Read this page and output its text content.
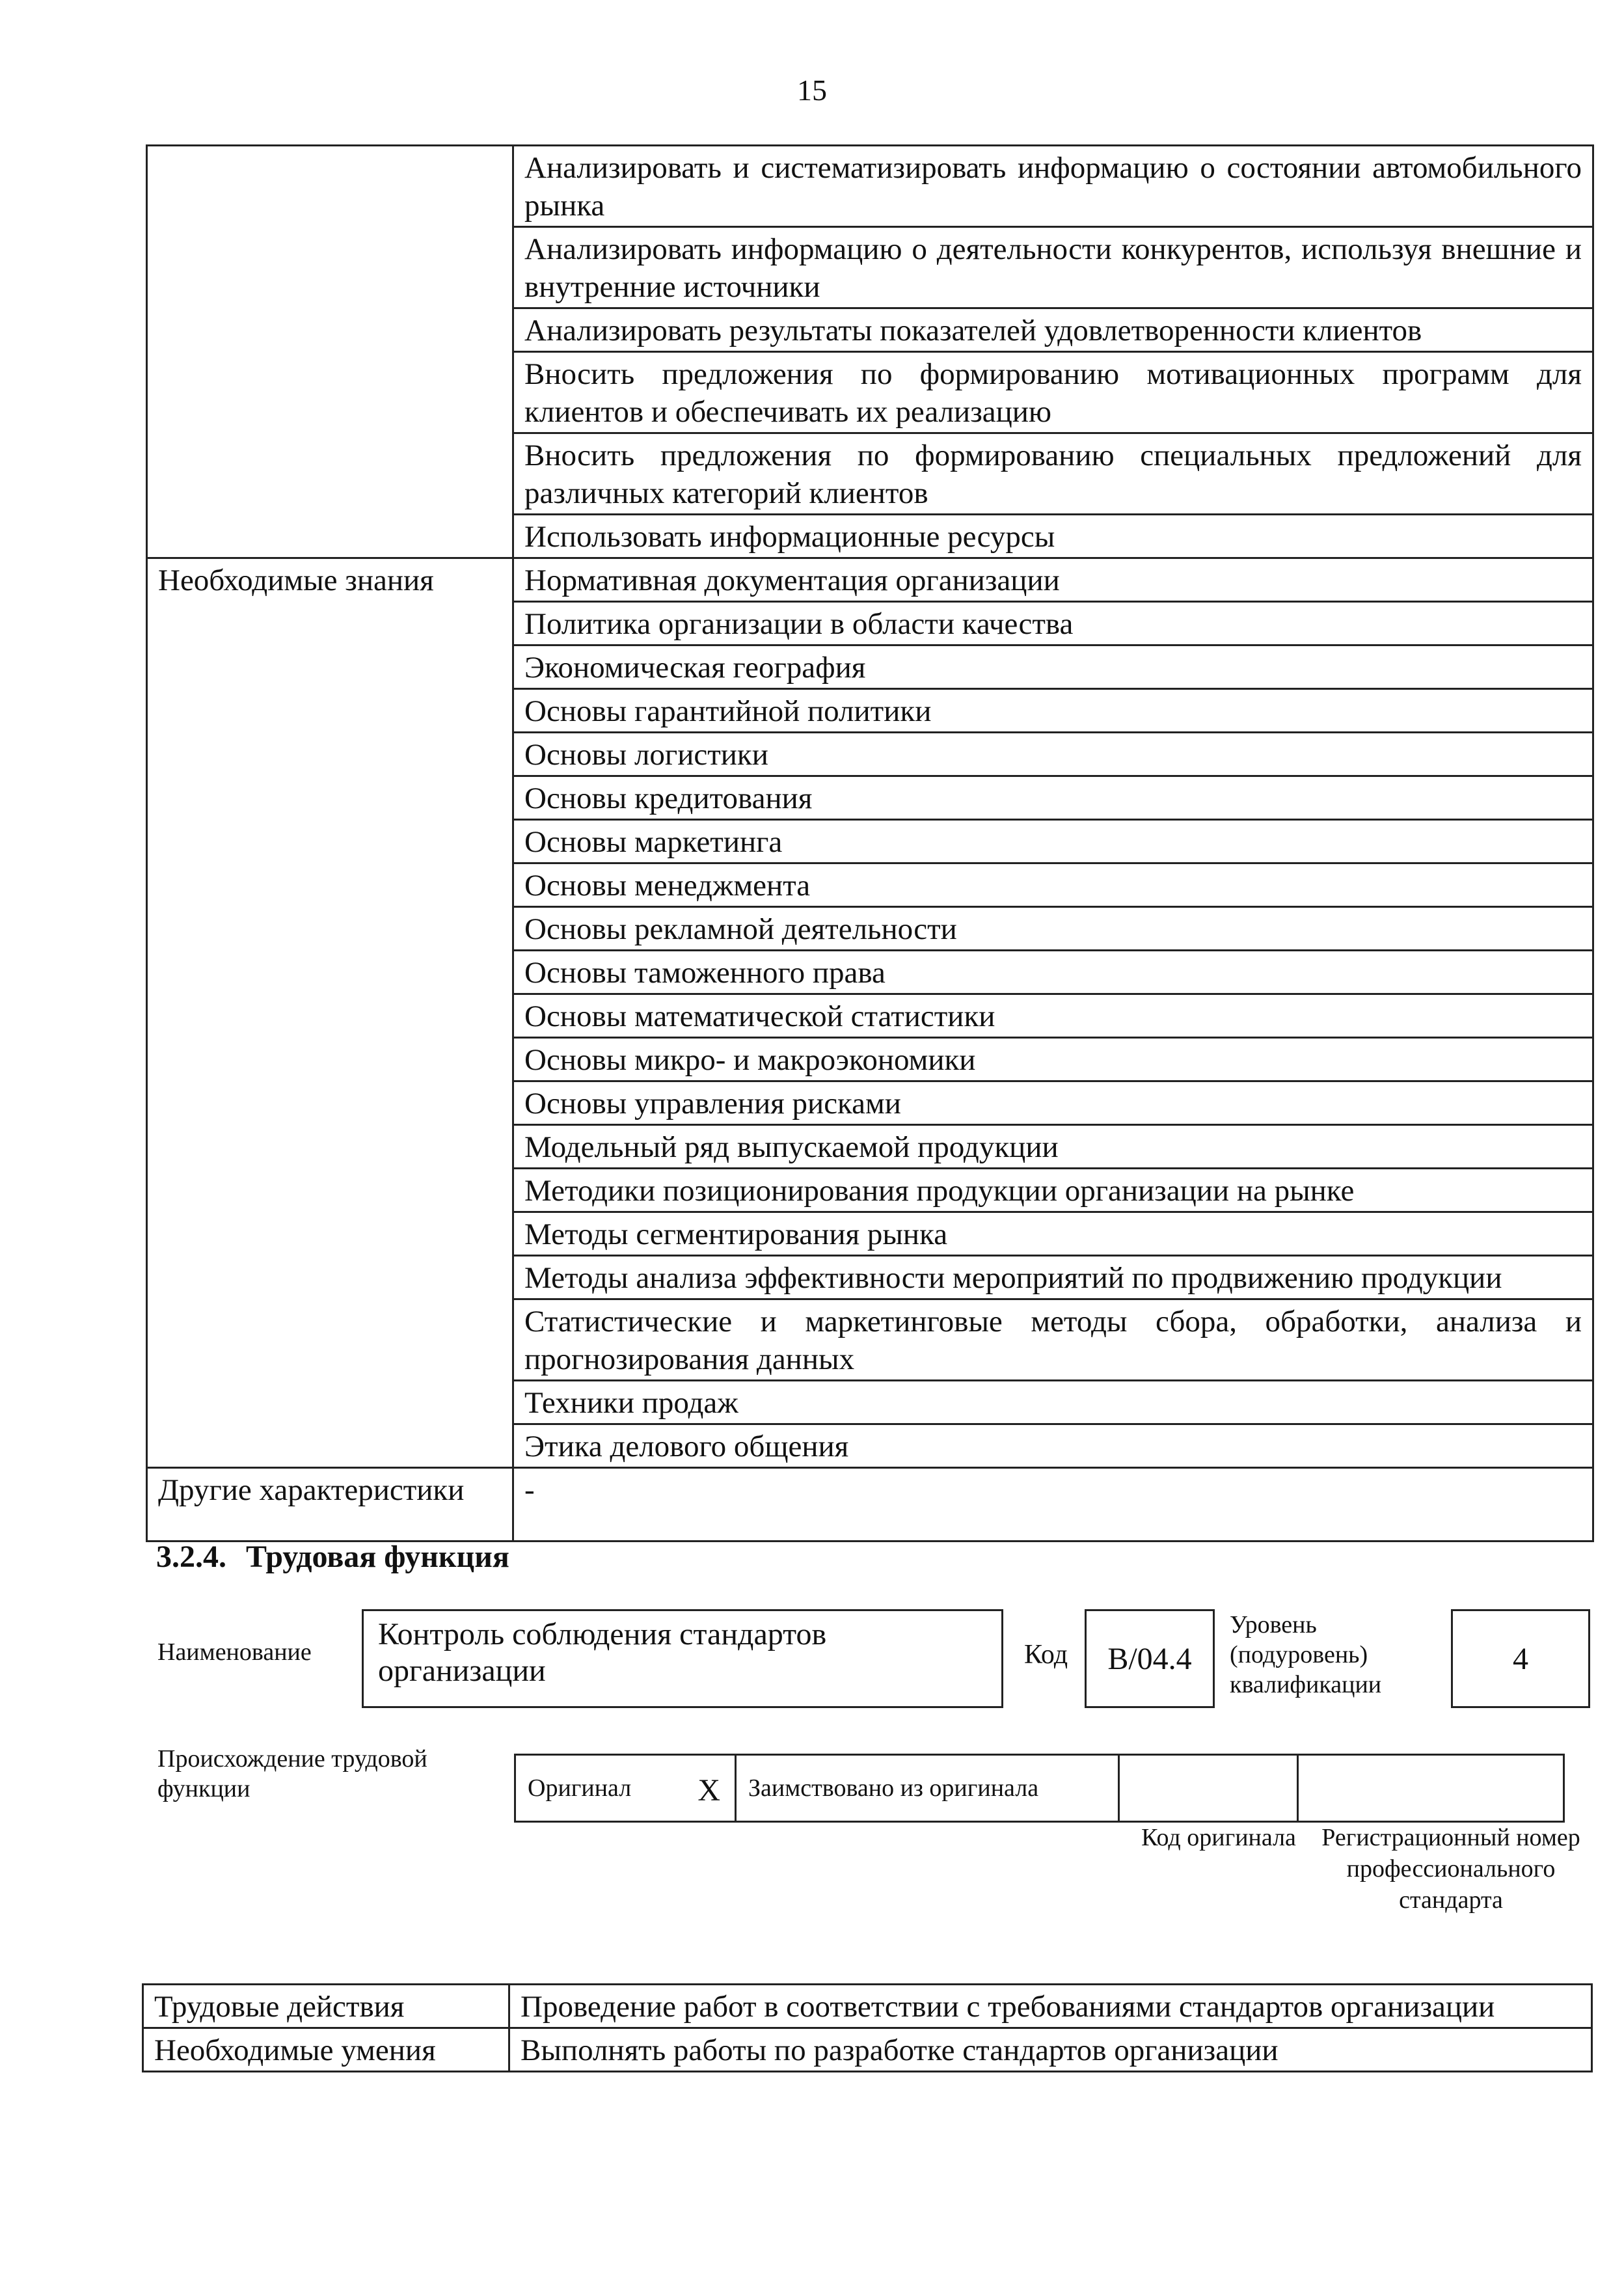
15
	Анализировать и систематизировать информацию о состоянии автомобильного рынка
	Анализировать информацию о деятельности конкурентов, используя внешние и внутренние источники
	Анализировать результаты показателей удовлетворенности клиентов
	Вносить предложения по формированию мотивационных программ для клиентов и обеспечивать их реализацию
	Вносить предложения по формированию специальных предложений для различных категорий клиентов
	Использовать информационные ресурсы
Необходимые знания	Нормативная документация организации
	Политика организации в области качества
	Экономическая география
	Основы гарантийной политики
	Основы логистики
	Основы кредитования
	Основы маркетинга
	Основы менеджмента
	Основы рекламной деятельности
	Основы таможенного права
	Основы математической статистики
	Основы микро- и макроэкономики
	Основы управления рисками
	Модельный ряд выпускаемой продукции
	Методики позиционирования продукции организации на рынке
	Методы сегментирования рынка
	Методы анализа эффективности мероприятий по продвижению продукции
	Статистические и маркетинговые методы сбора, обработки, анализа и прогнозирования данных
	Техники продаж
	Этика делового общения
Другие характеристики	-
3.2.4. Трудовая функция
Наименование
Контроль соблюдения стандартов организации	Код	B/04.4
Уровень (подуровень) квалификации
4
Происхождение трудовой функции	Оригинал X	Заимствовано из оригинала		
Код оригинала	Регистрационный номер профессионального стандарта
Трудовые действия	Проведение работ в соответствии с требованиями стандартов организации
Необходимые умения	Выполнять работы по разработке стандартов организации
